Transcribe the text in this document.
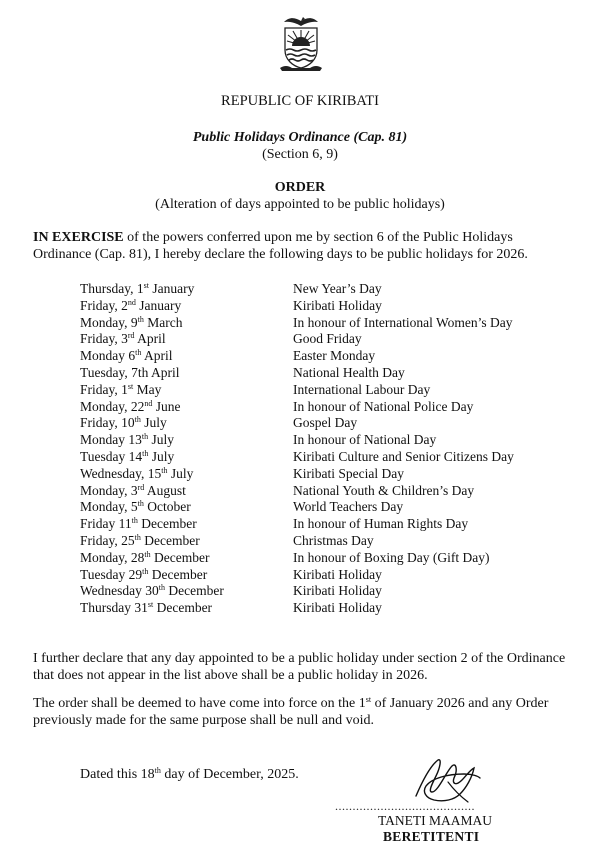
REPUBLIC OF KIRIBATI
Public Holidays Ordinance (Cap. 81)
(Section 6, 9)
ORDER
(Alteration of days appointed to be public holidays)
IN EXERCISE of the powers conferred upon me by section 6 of the Public Holidays Ordinance (Cap. 81), I hereby declare the following days to be public holidays for 2026.
Thursday, 1st January	New Year’s Day
Friday, 2nd January	Kiribati Holiday
Monday, 9th March	In honour of International Women’s Day
Friday, 3rd April	Good Friday
Monday 6th April	Easter Monday
Tuesday, 7th April	National Health Day
Friday, 1st May	International Labour Day
Monday, 22nd June	In honour of National Police Day
Friday, 10th July	Gospel Day
Monday 13th July	In honour of National Day
Tuesday 14th July	Kiribati Culture and Senior Citizens Day
Wednesday, 15th July	Kiribati Special Day
Monday, 3rd August	National Youth & Children’s Day
Monday, 5th October	World Teachers Day
Friday 11th December	In honour of Human Rights Day
Friday, 25th December	Christmas Day
Monday, 28th December	In honour of Boxing Day (Gift Day)
Tuesday 29th December	Kiribati Holiday
Wednesday 30th December	Kiribati Holiday
Thursday 31st December	Kiribati Holiday
I further declare that any day appointed to be a public holiday under section 2 of the Ordinance that does not appear in the list above shall be a public holiday in 2026.
The order shall be deemed to have come into force on the 1st of January 2026 and any Order previously made for the same purpose shall be null and void.
Dated this 18th day of December, 2025.
........................................
TANETI MAAMAU
BERETITENTI
